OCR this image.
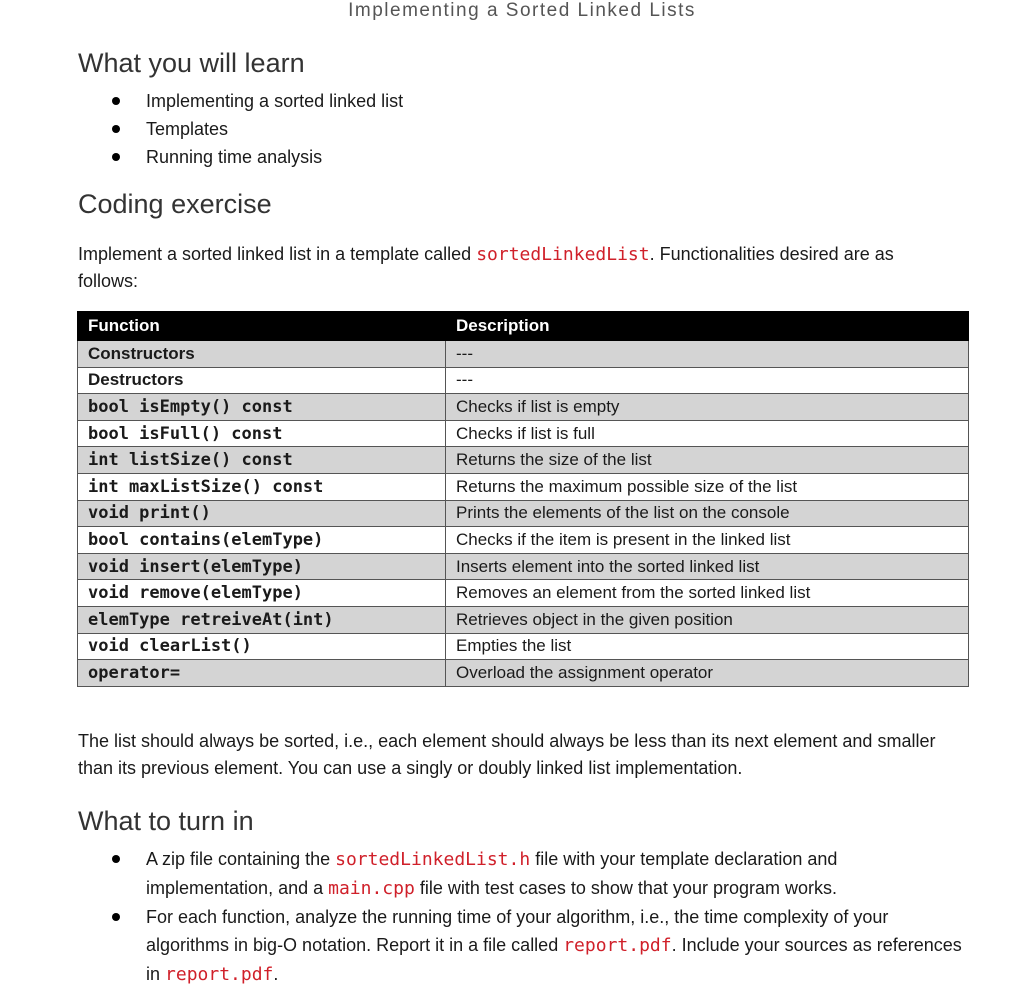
Implementing a Sorted Linked Lists
What you will learn
Implementing a sorted linked list
Templates
Running time analysis
Coding exercise

Implement a sorted linked list in a template called sortedLinkedList. Functionalities desired are as follows:

Function	Description
Constructors	---
Destructors	---
bool isEmpty() const	Checks if list is empty
bool isFull() const	Checks if list is full
int listSize() const	Returns the size of the list
int maxListSize() const	Returns the maximum possible size of the list
void print()	Prints the elements of the list on the console
bool contains(elemType)	Checks if the item is present in the linked list
void insert(elemType)	Inserts element into the sorted linked list
void remove(elemType)	Removes an element from the sorted linked list
elemType retreiveAt(int)	Retrieves object in the given position
void clearList()	Empties the list
operator=	Overload the assignment operator

The list should always be sorted, i.e., each element should always be less than its next element and smaller than its previous element. You can use a singly or doubly linked list implementation.

What to turn in
A zip file containing the sortedLinkedList.h file with your template declaration and implementation, and a main.cpp file with test cases to show that your program works.
For each function, analyze the running time of your algorithm, i.e., the time complexity of your algorithms in big-O notation. Report it in a file called report.pdf. Include your sources as references in report.pdf.
